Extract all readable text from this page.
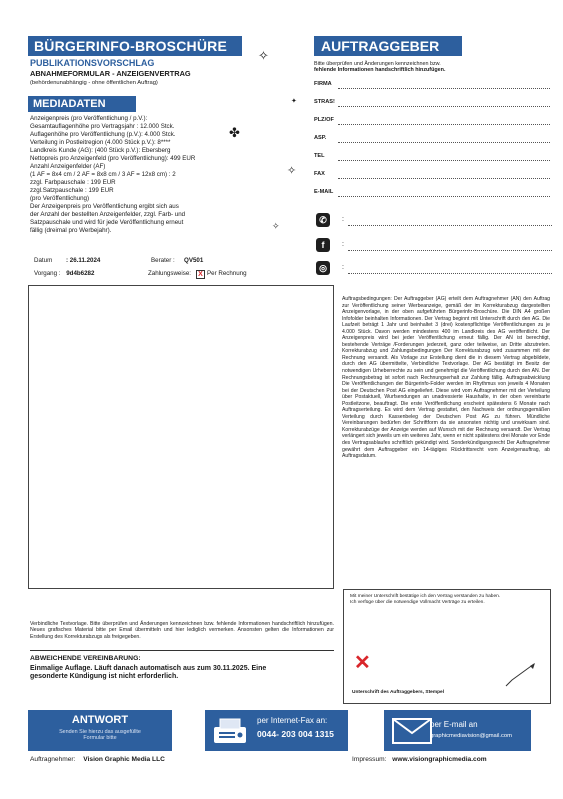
BÜRGERINFO-BROSCHÜRE
PUBLIKATIONSVORSCHLAG
ABNAHMEFORMULAR - ANZEIGENVERTRAG
(behördenunabhängig - ohne öffentlichen Auftrag)
MEDIADATEN
Anzeigenpreis (pro Veröffentlichung / p.V.):
Gesamtauflagenhöhe pro Vertragsjahr : 12.000 Stck.
Auflagenhöhe pro Veröffentlichung (p.V.): 4.000 Stck.
Verteilung in Postleitregion (4.000 Stück p.V.): 8****
Landkreis Kunde (AG): (400 Stück p.V.): Ebersberg
Nettopreis pro Anzeigenfeld (pro Veröffentlichung): 499 EUR
Anzahl Anzeigenfelder (AF)
(1 AF = 8x4 cm / 2 AF = 8x8 cm / 3 AF = 12x8 cm) : 2
zzgl. Farbpauschale : 199 EUR
zzgl.Satzpauschale : 199 EUR
(pro Veröffentlichung)
Der Anzeigenpreis pro Veröffentlichung ergibt sich aus
der Anzahl der bestellten Anzeigenfelder, zzgl. Farb- und
Satzpauschale und wird für jede Veröffentlichung erneut
fällig (dreimal pro Werbejahr).
✧
✤
✧
✧
✦
Datum : 26.11.2024	Berater : QV501
Vorgang : 9d4b6282	Zahlungsweise:	X Per Rechnung
AUFTRAGGEBER
Bitte überprüfen und Änderungen kennzeichnen bzw.
fehlende Informationen handschriftlich hinzufügen.
FIRMA
STRAS!
PLZ/OF
ASP.
TEL
FAX
E-MAIL
✆	:
f	:
◎	:
Auftragsbedingungen: Der Auftraggeber (AG) erteilt dem Auftragnehmer (AN) den Auftrag zur Veröffentlichung seiner Werbeanzeige, gemäß der im Korrekturabzug dargestellten Anzeigenvorlage, in der oben aufgeführten Bürgerinfo-Broschüre. Die DIN A4 großen Infofolder beinhalten Informationen. Der Vertrag beginnt mit Unterschrift durch den AG. Die Laufzeit beträgt 1 Jahr und beinhaltet 3 (drei) kostenpflichtige Veröffentlichungen zu je 4.000 Stück. Davon werden mindestens 400 im Landkreis des AG veröffentlicht. Der Anzeigenpreis wird bei jeder Veröffentlichung erneut fällig. Der AN ist berechtigt, bestehende Verträge /Forderungen jederzeit, ganz oder teilweise, an Dritte abzutreten. Korrekturabzug und Zahlungsbedingungen Der Korrekturabzug wird zusammen mit der Rechnung versandt. Als Vorlage zur Erstellung dient die in diesem Vertrag abgebildete, durch den AG übermittelte, Verbindliche Textvorlage. Der AG bestätigt im Besitz der notwendigen Urheberrechte zu sein und genehmigt die Veröffentlichung durch den AN. Der Rechnungsbetrag ist sofort nach Rechnungserhalt zur Zahlung fällig. Auftragsabwicklung Die Veröffentlichungen der Bürgerinfo-Folder werden im Rhythmus von jeweils 4 Monaten bei der Deutschen Post AG eingeliefert. Diese wird vom Auftragnehmer mit der Verteilung über Postaktuell, Wurfsendungen an unadressierte Haushalte, in der oben vereinbarte Postleitzone, beauftragt. Die erste Veröffentlichung erscheint spätestens 6 Monate nach Auftragserteilung. Es wird dem Vertrag gestattet, den Nachweis der ordnungsgemäßen Verteilung durch Kassenbeleg der Deutschen Post AG zu führen. Mündliche Vereinbarungen bedürfen der Schriftform da sie ansonsten nichtig und unwirksam sind. Korrekturabzüge der Anzeige werden auf Wunsch mit der Rechnung versandt. Der Vertrag verlängert sich jeweils um ein weiteres Jahr, wenn er nicht spätestens drei Monate vor Ende des Vertragsablaufes schriftlich gekündigt wird. Sonderkündigungsrecht Der Auftragnehmer gewährt dem Auftraggeber ein 14-tägiges Rücktrittsrecht vom Anzeigenauftrag, ab Auftragsdatum.
Verbindliche Textvorlage. Bitte überprüfen und Änderungen kennzeichnen bzw. fehlende Informationen handschriftlich hinzufügen. Neues grafisches Material bitte per Email übermitteln und hier lediglich vermerken. Ansonsten gelten die Informationen zur Erstellung des Korrekturabzugs als freigegeben.
ABWEICHENDE VEREINBARUNG:
Einmalige Auflage. Läuft danach automatisch aus zum 30.11.2025. Eine
gesonderte Kündigung ist nicht erforderlich.
Mit meiner Unterschrift bestätige ich den Vertrag verstanden zu haben.
Ich verfüge über die notwendige Vollmacht Verträge zu erteilen.
✕
Unterschrift des Auftraggebers, Stempel
ANTWORT
Senden Sie hierzu das ausgefüllte
Formular bitte
per Internet-Fax an:
0044- 203 004 1315
per E-mail an
graphicmediavision@gmail.com
Auftragnehmer: Vision Graphic Media LLC	Impressum: www.visiongraphicmedia.com
